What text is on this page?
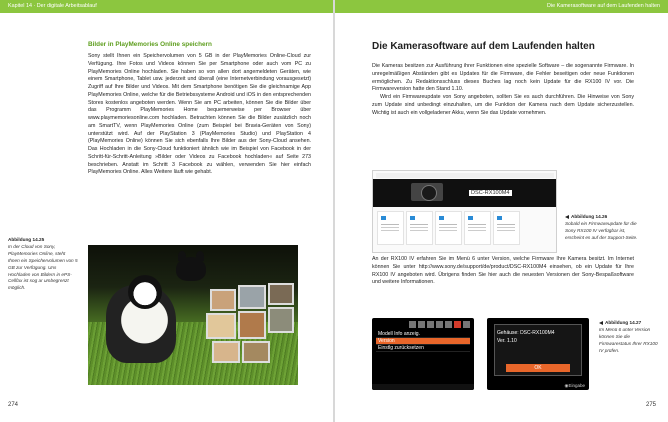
Kapitel 14 · Der digitale Arbeitsablauf
Bilder in PlayMemories Online speichern
Sony stellt Ihnen ein Speichervolumen von 5 GB in der PlayMemories Online-Cloud zur Verfügung. Ihre Fotos und Videos können Sie per Smartphone oder auch vom PC zu PlayMemories Online hochladen. Sie haben so von allen dort angemeldeten Geräten, wie einem Smartphone, Tablet usw. jederzeit und überall (eine Internetverbindung vorausgesetzt) Zugriff auf Ihre Bilder und Videos. Mit dem Smartphone benötigen Sie die gleichnamige App PlayMemories Online, welche für die Betriebssysteme Android und iOS in den entsprechenden Stores kostenlos angeboten werden. Wenn Sie am PC arbeiten, können Sie die Bilder über das Programm PlayMemories Home bequemerweise per Browser über www.playmemoriesonline.com hochladen. Betrachten können Sie die Bilder zusätzlich noch am SmartTV, wenn PlayMemories Online (zum Beispiel bei Bravia-Geräten von Sony) unterstützt wird. Auf der PlayStation 3 (PlayMemories Studio) und PlayStation 4 (PlayMemories Online) können Sie sich ebenfalls Ihre Bilder aus der Sony-Cloud ansehen. Das Hochladen in die Sony-Cloud funktioniert ähnlich wie im Beispiel von Facebook in der Schritt-für-Schritt-Anleitung »Bilder oder Videos zu Facebook hochladen« auf Seite 273 beschrieben. Anstatt im Schritt 3 Facebook zu wählen, verwenden Sie hier einfach PlayMemories Online. Alles Weitere läuft wie gehabt.
Abbildung 14.25
In der Cloud von Sony, PlayMemories Online, steht Ihnen ein Speichervolumen von 5 GB zur Verfügung. Uns Hochladen von Bildern in ePS-Cellfax ist sog ar umbegrenzt möglich.
274
Die Kamerasoftware auf dem Laufenden halten
Die Kamerasoftware auf dem Laufenden halten
Die Kameras besitzen zur Ausführung ihrer Funktionen eine spezielle Software – die sogenannte Firmware. In unregelmäßigen Abständen gibt es Updates für die Firmware, die Fehler beseitigen oder neue Funktionen ermöglichen. Zu Redaktionsschluss dieses Buches lag noch kein Update für die RX100 IV vor. Die Firmwareversion hatte den Stand 1.10.
Wird ein Firmwareupdate von Sony angeboten, sollten Sie es auch durchführen. Die Hinweise von Sony zum Update sind unbedingt einzuhalten, um die Funktion der Kamera nach dem Update sicherzustellen. Wichtig ist auch ein vollgeladener Akku, wenn Sie das Update vornehmen.
DSC-RX100M4
Abbildung 14.26
Sobald ein Firmwareupdate für die Sony RX100 IV verfügbar ist, erscheint es auf der Support-Seite.
An der RX100 IV erfahren Sie im Menü 6 unter Version, welche Firmware Ihre Kamera besitzt. Im Internet können Sie unter http://www.sony.de/support/de/product/DSC-RX100M4 einsehen, ob ein Update für Ihre RX100 IV angeboten wird. Übrigens finden Sie hier auch die neuesten Versionen der Sony-Bespaßsoftware und weitere Informationen.
Modell Info anzeig.
Version
Einstlg zurücksetzen
Gehäuse: DSC-RX100M4
Ver. 1.10
OK
◉Eingabe
Abbildung 14.27
Im Menü 6 unter Version können Sie die Firmwarestatus Ihrer RX100 IV prüfen.
275
